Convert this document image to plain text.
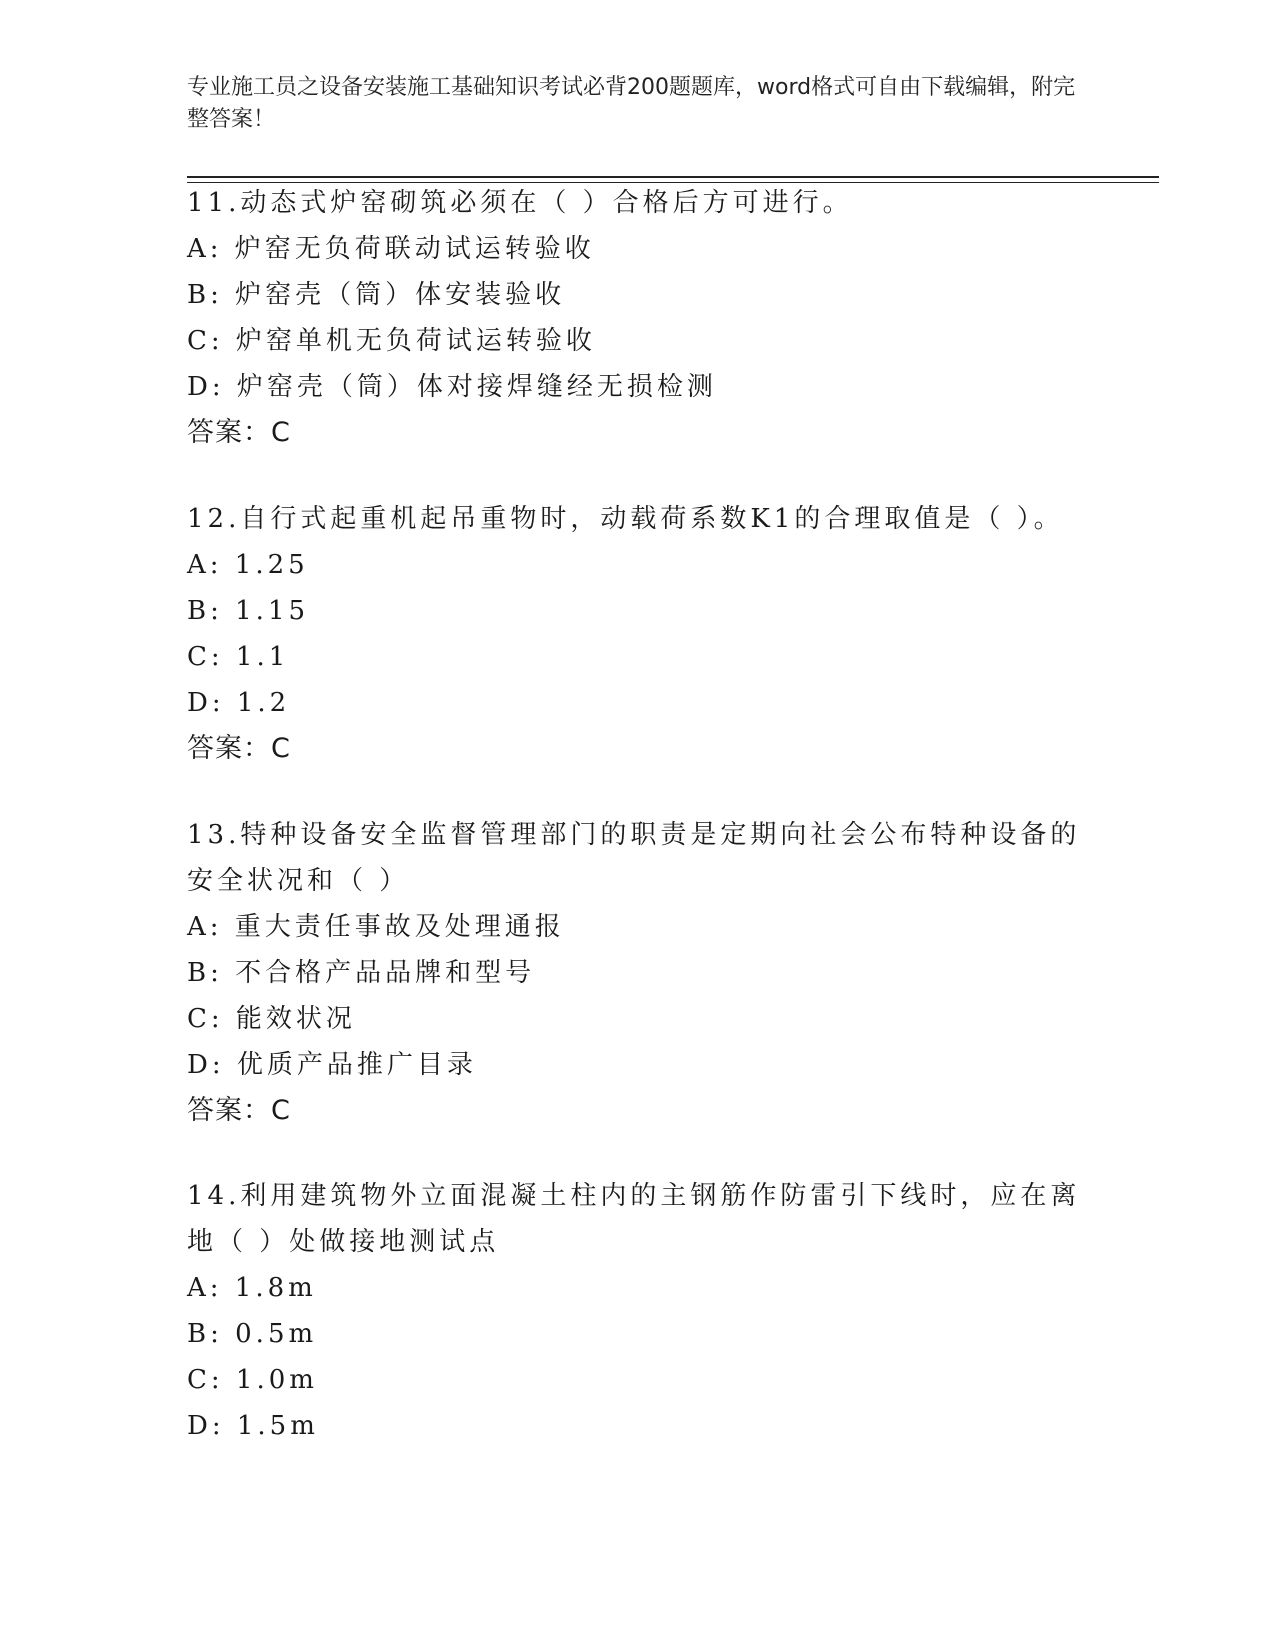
专业施工员之设备安装施工基础知识考试必背200题题库，word格式可自由下载编辑，附完整答案！
11.动态式炉窑砌筑必须在（ ）合格后方可进行。
A: 炉窑无负荷联动试运转验收
B: 炉窑壳（筒）体安装验收
C: 炉窑单机无负荷试运转验收
D: 炉窑壳（筒）体对接焊缝经无损检测
答案：C
12.自行式起重机起吊重物时，动载荷系数K1的合理取值是（ ）。
A: 1.25
B: 1.15
C: 1.1
D: 1.2
答案：C
13.特种设备安全监督管理部门的职责是定期向社会公布特种设备的安全状况和（ ）
A: 重大责任事故及处理通报
B: 不合格产品品牌和型号
C: 能效状况
D: 优质产品推广目录
答案：C
14.利用建筑物外立面混凝土柱内的主钢筋作防雷引下线时，应在离地（ ）处做接地测试点
A: 1.8m
B: 0.5m
C: 1.0m
D: 1.5m
